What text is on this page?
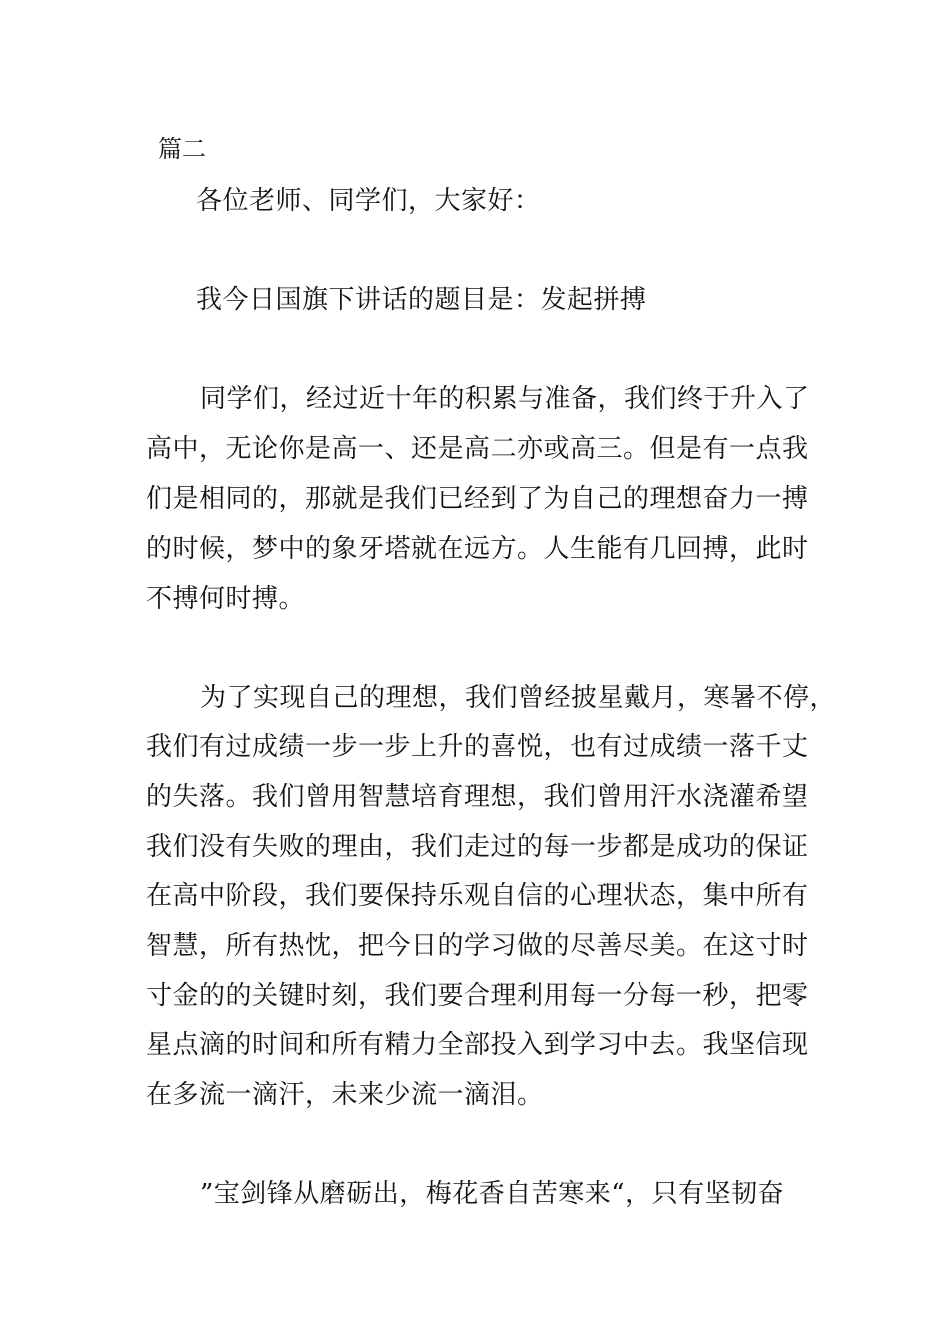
篇二
各位老师、同学们，大家好：
我今日国旗下讲话的题目是：发起拼搏
同学们，经过近十年的积累与准备，我们终于升入了
高中，无论你是高一、还是高二亦或高三。但是有一点我
们是相同的，那就是我们已经到了为自己的理想奋力一搏
的时候，梦中的象牙塔就在远方。人生能有几回搏，此时
不搏何时搏。
为了实现自己的理想，我们曾经披星戴月，寒暑不停，
我们有过成绩一步一步上升的喜悦，也有过成绩一落千丈
的失落。我们曾用智慧培育理想，我们曾用汗水浇灌希望
我们没有失败的理由，我们走过的每一步都是成功的保证
在高中阶段，我们要保持乐观自信的心理状态，集中所有
智慧，所有热忱，把今日的学习做的尽善尽美。在这寸时
寸金的的关键时刻，我们要合理利用每一分每一秒，把零
星点滴的时间和所有精力全部投入到学习中去。我坚信现
在多流一滴汗，未来少流一滴泪。
”宝剑锋从磨砺出，梅花香自苦寒来“，只有坚韧奋
